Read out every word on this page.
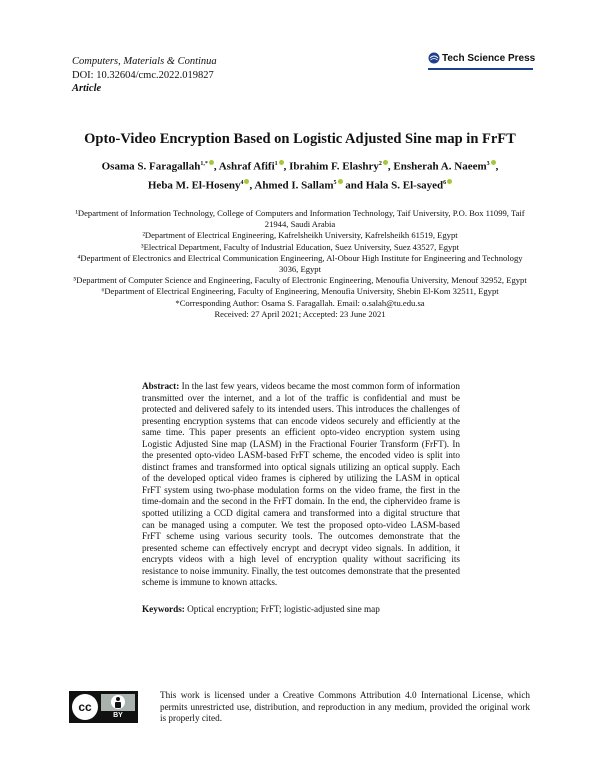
Computers, Materials & Continua
DOI: 10.32604/cmc.2022.019827
Article
Tech Science Press
Opto-Video Encryption Based on Logistic Adjusted Sine map in FrFT
Osama S. Faragallah$^{1,*}$ , Ashraf Afifi$^1$ , Ibrahim F. Elashry$^2$ , Ensherah A. Naeem$^3$ ,
Heba M. El-Hoseny$^4$ , Ahmed I. Sallam$^5$ and Hala S. El-sayed$^6$
¹Department of Information Technology, College of Computers and Information Technology, Taif University, P.O. Box 11099, Taif 21944, Saudi Arabia
²Department of Electrical Engineering, Kafrelsheikh University, Kafrelsheikh 61519, Egypt
³Electrical Department, Faculty of Industrial Education, Suez University, Suez 43527, Egypt
⁴Department of Electronics and Electrical Communication Engineering, Al-Obour High Institute for Engineering and Technology 3036, Egypt
⁵Department of Computer Science and Engineering, Faculty of Electronic Engineering, Menoufia University, Menouf 32952, Egypt
⁶Department of Electrical Engineering, Faculty of Engineering, Menoufia University, Shebin El-Kom 32511, Egypt
*Corresponding Author: Osama S. Faragallah. Email: o.salah@tu.edu.sa
Received: 27 April 2021; Accepted: 23 June 2021
Abstract: In the last few years, videos became the most common form of information transmitted over the internet, and a lot of the traffic is confidential and must be protected and delivered safely to its intended users. This introduces the challenges of presenting encryption systems that can encode videos securely and efficiently at the same time. This paper presents an efficient opto-video encryption system using Logistic Adjusted Sine map (LASM) in the Fractional Fourier Transform (FrFT). In the presented opto-video LASM-based FrFT scheme, the encoded video is split into distinct frames and transformed into optical signals utilizing an optical supply. Each of the developed optical video frames is ciphered by utilizing the LASM in optical FrFT system using two-phase modulation forms on the video frame, the first in the time-domain and the second in the FrFT domain. In the end, the ciphervideo frame is spotted utilizing a CCD digital camera and transformed into a digital structure that can be managed using a computer. We test the proposed opto-video LASM-based FrFT scheme using various security tools. The outcomes demonstrate that the presented scheme can effectively encrypt and decrypt video signals. In addition, it encrypts videos with a high level of encryption quality without sacrificing its resistance to noise immunity. Finally, the test outcomes demonstrate that the presented scheme is immune to known attacks.
Keywords: Optical encryption; FrFT; logistic-adjusted sine map
cc
BY
This work is licensed under a Creative Commons Attribution 4.0 International License, which permits unrestricted use, distribution, and reproduction in any medium, provided the original work is properly cited.
